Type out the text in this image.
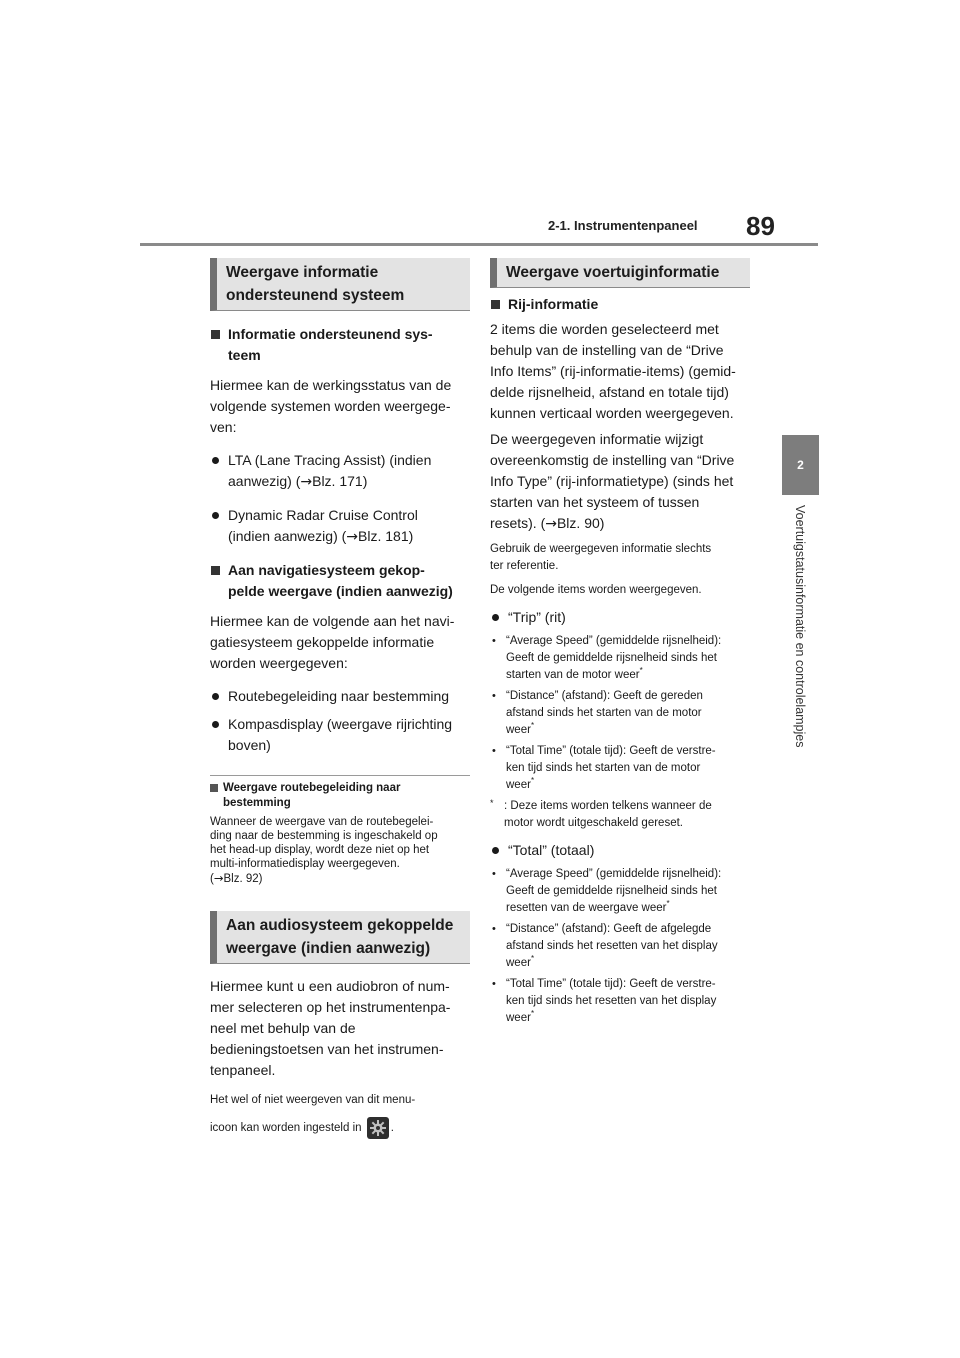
2-1. Instrumentenpaneel 89
2
Voertuigstatusinformatie en controlelampjes
Weergave informatie
ondersteunend systeem
Informatie ondersteunend sys-
teem
Hiermee kan de werkingsstatus van de
volgende systemen worden weergege-
ven:
LTA (Lane Tracing Assist) (indien
aanwezig) (→Blz. 171)
Dynamic Radar Cruise Control
(indien aanwezig) (→Blz. 181)
Aan navigatiesysteem gekop-
pelde weergave (indien aanwezig)
Hiermee kan de volgende aan het navi-
gatiesysteem gekoppelde informatie
worden weergegeven:
Routebegeleiding naar bestemming
Kompasdisplay (weergave rijrichting
boven)
Weergave routebegeleiding naar
bestemming
Wanneer de weergave van de routebegelei-
ding naar de bestemming is ingeschakeld op
het head-up display, wordt deze niet op het
multi-informatiedisplay weergegeven.
(→Blz. 92)
Aan audiosysteem gekoppelde
weergave (indien aanwezig)
Hiermee kunt u een audiobron of num-
mer selecteren op het instrumentenpa-
neel met behulp van de
bedieningstoetsen van het instrumen-
tenpaneel.
Het wel of niet weergeven van dit menu-
icoon kan worden ingesteld in	.
Weergave voertuiginformatie
Rij-informatie
2 items die worden geselecteerd met
behulp van de instelling van de “Drive
Info Items” (rij-informatie-items) (gemid-
delde rijsnelheid, afstand en totale tijd)
kunnen verticaal worden weergegeven.
De weergegeven informatie wijzigt
overeenkomstig de instelling van “Drive
Info Type” (rij-informatietype) (sinds het
starten van het systeem of tussen
resets). (→Blz. 90)
Gebruik de weergegeven informatie slechts
ter referentie.
De volgende items worden weergegeven.
“Trip” (rit)
• “Average Speed” (gemiddelde rijsnelheid):
Geeft de gemiddelde rijsnelheid sinds het
starten van de motor weer*
• “Distance” (afstand): Geeft de gereden
afstand sinds het starten van de motor
weer*
• “Total Time” (totale tijd): Geeft de verstre-
ken tijd sinds het starten van de motor
weer*
* : Deze items worden telkens wanneer de
motor wordt uitgeschakeld gereset.
“Total” (totaal)
• “Average Speed” (gemiddelde rijsnelheid):
Geeft de gemiddelde rijsnelheid sinds het
resetten van de weergave weer*
• “Distance” (afstand): Geeft de afgelegde
afstand sinds het resetten van het display
weer*
• “Total Time” (totale tijd): Geeft de verstre-
ken tijd sinds het resetten van het display
weer*
